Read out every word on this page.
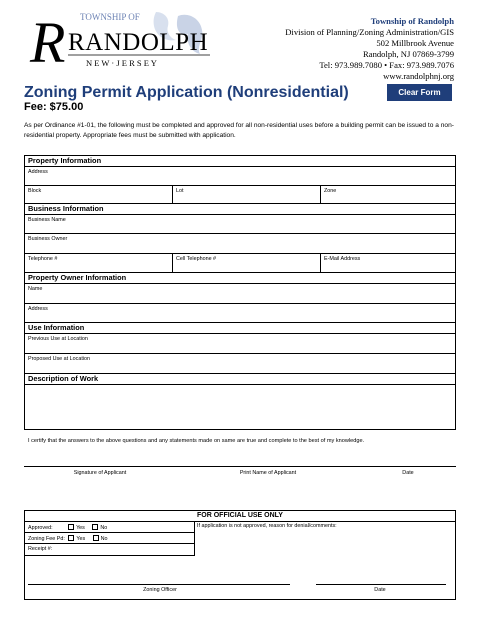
TOWNSHIP OF
R RANDOLPH
N E W · J E R S E Y
Township of Randolph
Division of Planning/Zoning Administration/GIS
502 Millbrook Avenue
Randolph, NJ 07869-3799
Tel: 973.989.7080 • Fax: 973.989.7076
www.randolphnj.org
Zoning Permit Application (Nonresidential)
Fee: $75.00
Clear Form
As per Ordinance #1-01, the following must be completed and approved for all non-residential uses before a building permit can be issued to a non-residential property. Appropriate fees must be submitted with application.
Property Information
Address
Block	Lot	Zone
Business Information
Business Name
Business Owner
Telephone #	Cell Telephone #	E-Mail Address
Property Owner Information
Name
Address
Use Information
Previous Use at Location
Proposed Use at Location
Description of Work
I certify that the answers to the above questions and any statements made on same are true and complete to the best of my knowledge.
Signature of Applicant	Print Name of Applicant	Date
FOR OFFICIAL USE ONLY
Approved:	Yes	No
Zoning Fee Pd: Yes	No
Receipt #:
If application is not approved, reason for denial/comments:
Zoning Officer	Date
